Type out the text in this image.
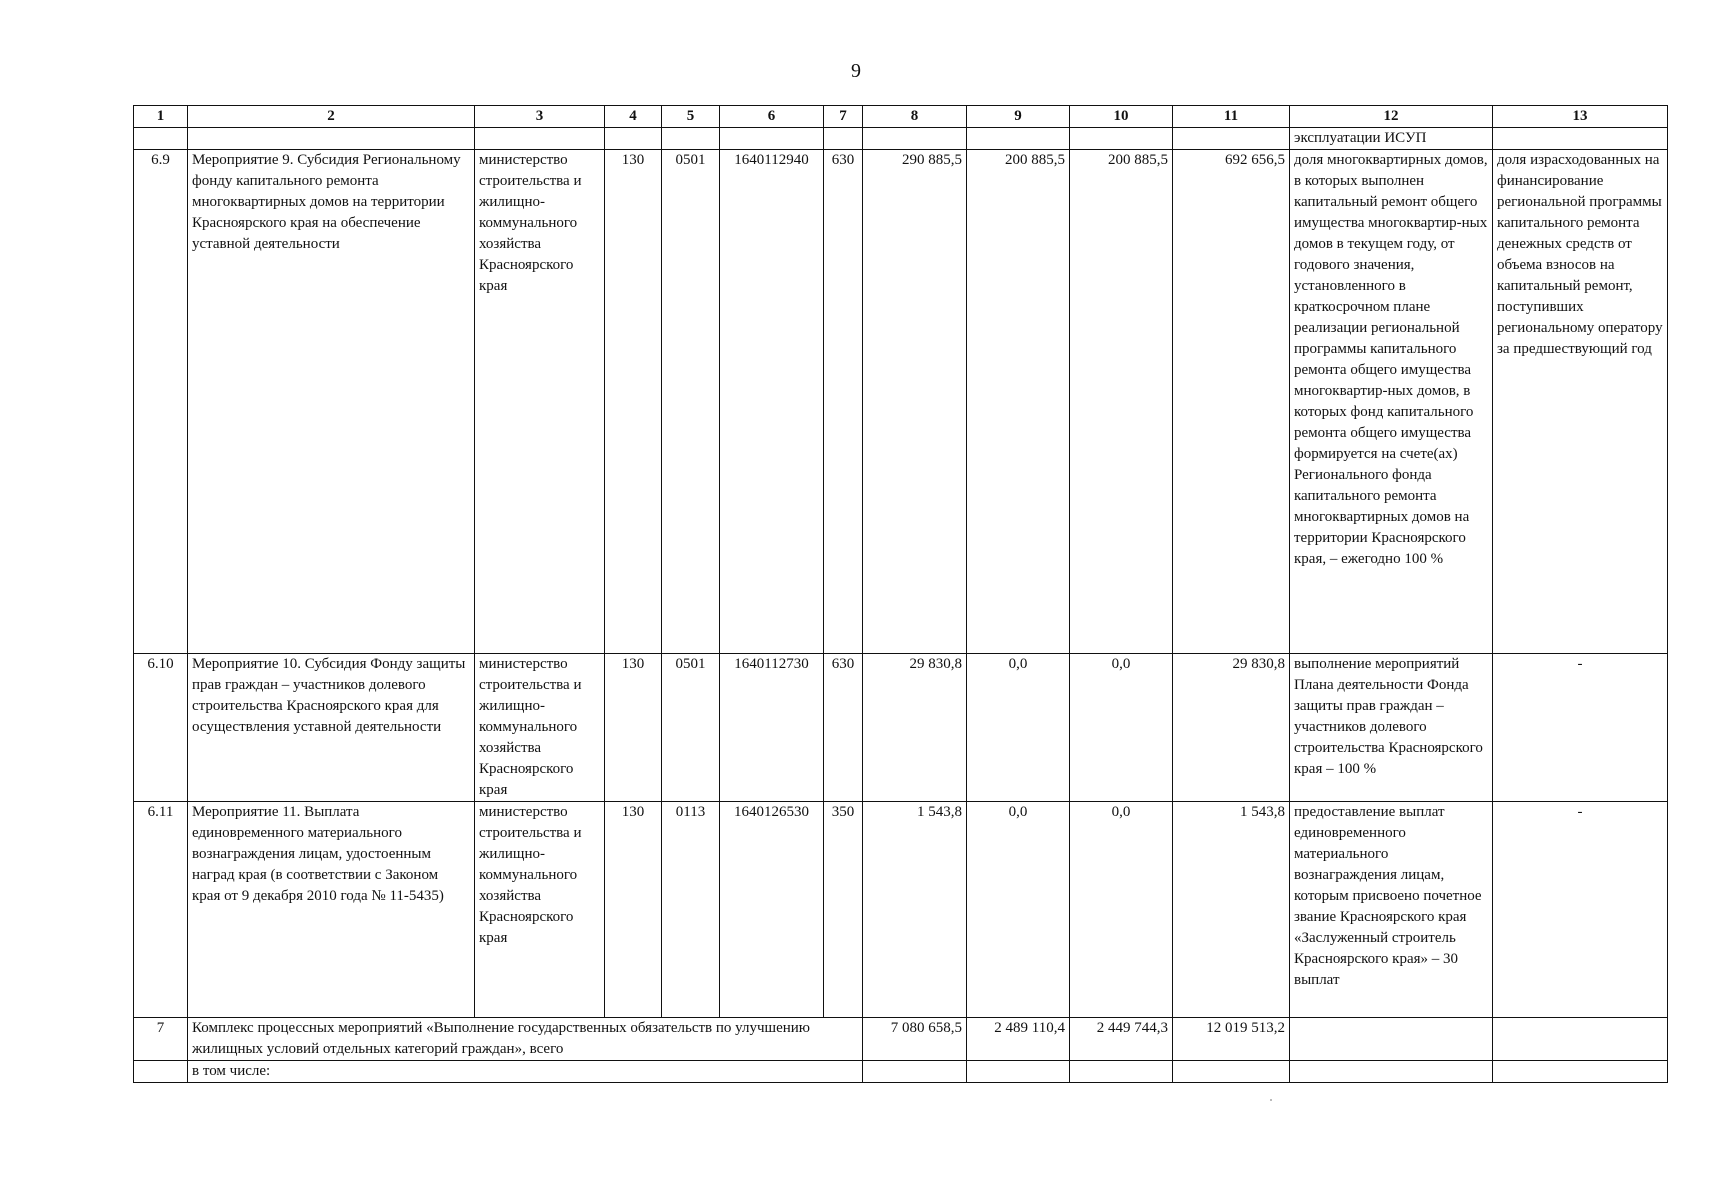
9
1	2	3	4	5	6	7	8	9	10	11	12	13
											эксплуатации ИСУП	
6.9	Мероприятие 9. Субсидия Региональному фонду капитального ремонта многоквартирных домов на территории Красноярского края на обеспечение уставной деятельности	министерство строительства и жилищно-коммунального хозяйства Красноярского края	130	0501	1640112940	630	290 885,5	200 885,5	200 885,5	692 656,5	доля многоквартирных домов, в которых выполнен капитальный ремонт общего имущества многоквартир-ных домов в текущем году, от годового значения, установленного в краткосрочном плане реализации региональной программы капитального ремонта общего имущества многоквартир-ных домов, в которых фонд капитального ремонта общего имущества формируется на счете(ах) Регионального фонда капитального ремонта многоквартирных домов на территории Красноярского края, – ежегодно 100 %	доля израсходованных на финансирование региональной программы капитального ремонта денежных средств от объема взносов на капитальный ремонт, поступивших региональному оператору за предшествующий год
6.10	Мероприятие 10. Субсидия Фонду защиты прав граждан – участников долевого строительства Красноярского края для осуществления уставной деятельности	министерство строительства и жилищно-коммунального хозяйства Красноярского края	130	0501	1640112730	630	29 830,8	0,0	0,0	29 830,8	выполнение мероприятий Плана деятельности Фонда защиты прав граждан – участников долевого строительства Красноярского края – 100 %	-
6.11	Мероприятие 11. Выплата единовременного материального вознаграждения лицам, удостоенным наград края (в соответствии с Законом края от 9 декабря 2010 года № 11-5435)	министерство строительства и жилищно-коммунального хозяйства Красноярского края	130	0113	1640126530	350	1 543,8	0,0	0,0	1 543,8	предоставление выплат единовременного материального вознаграждения лицам, которым присвоено почетное звание Красноярского края «Заслуженный строитель Красноярского края» – 30 выплат	-
7	Комплекс процессных мероприятий «Выполнение государственных обязательств по улучшению жилищных условий отдельных категорий граждан», всего						7 080 658,5	2 489 110,4	2 449 744,3	12 019 513,2		
	в том числе:											
